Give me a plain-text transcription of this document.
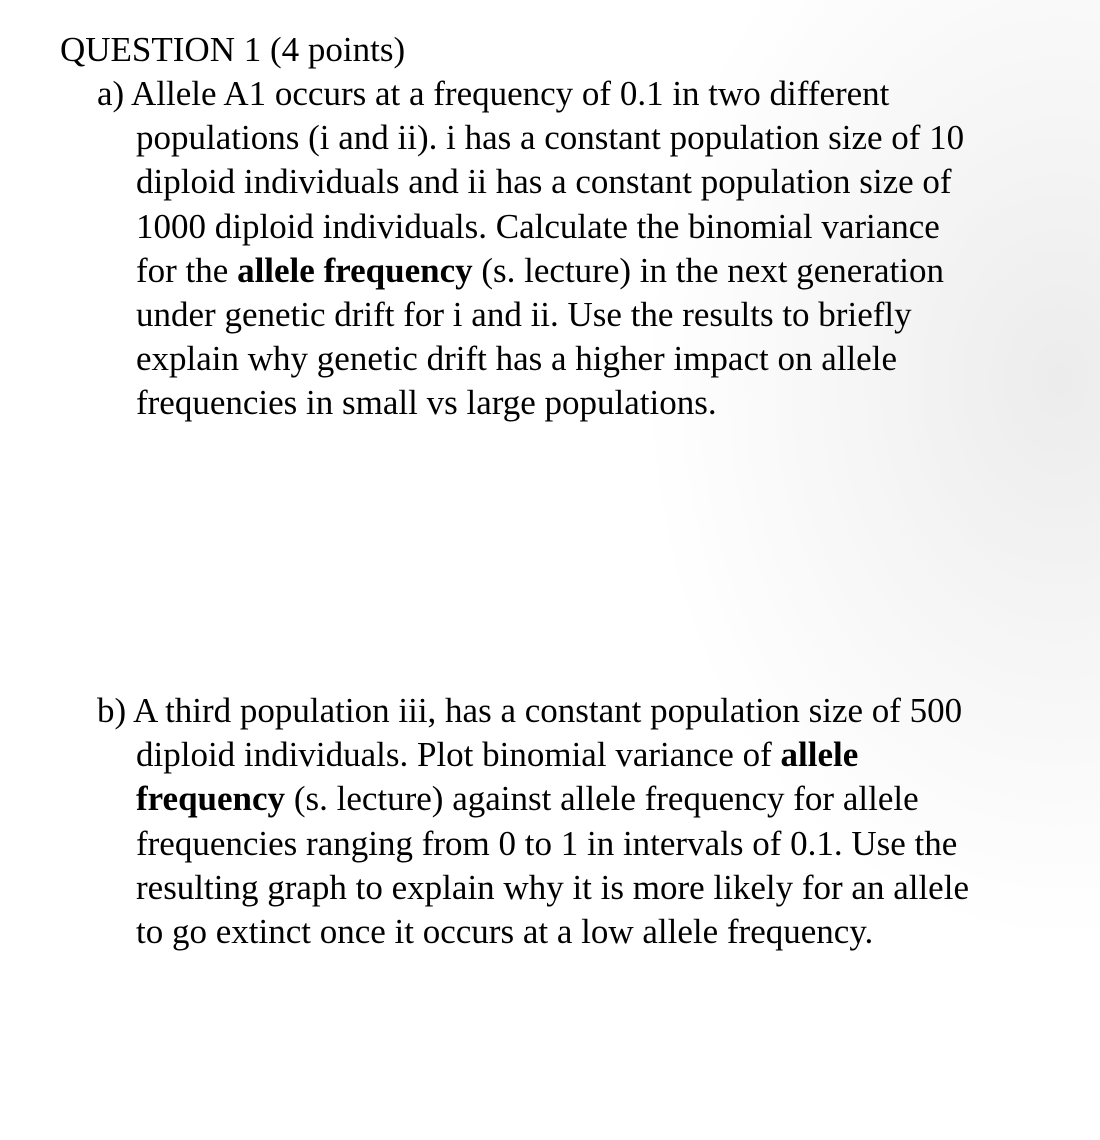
QUESTION 1 (4 points)
a) Allele A1 occurs at a frequency of 0.1 in two different
populations (i and ii). i has a constant population size of 10
diploid individuals and ii has a constant population size of
1000 diploid individuals. Calculate the binomial variance
for the allele frequency (s. lecture) in the next generation
under genetic drift for i and ii. Use the results to briefly
explain why genetic drift has a higher impact on allele
frequencies in small vs large populations.
b) A third population iii, has a constant population size of 500
diploid individuals. Plot binomial variance of allele
frequency (s. lecture) against allele frequency for allele
frequencies ranging from 0 to 1 in intervals of 0.1. Use the
resulting graph to explain why it is more likely for an allele
to go extinct once it occurs at a low allele frequency.
